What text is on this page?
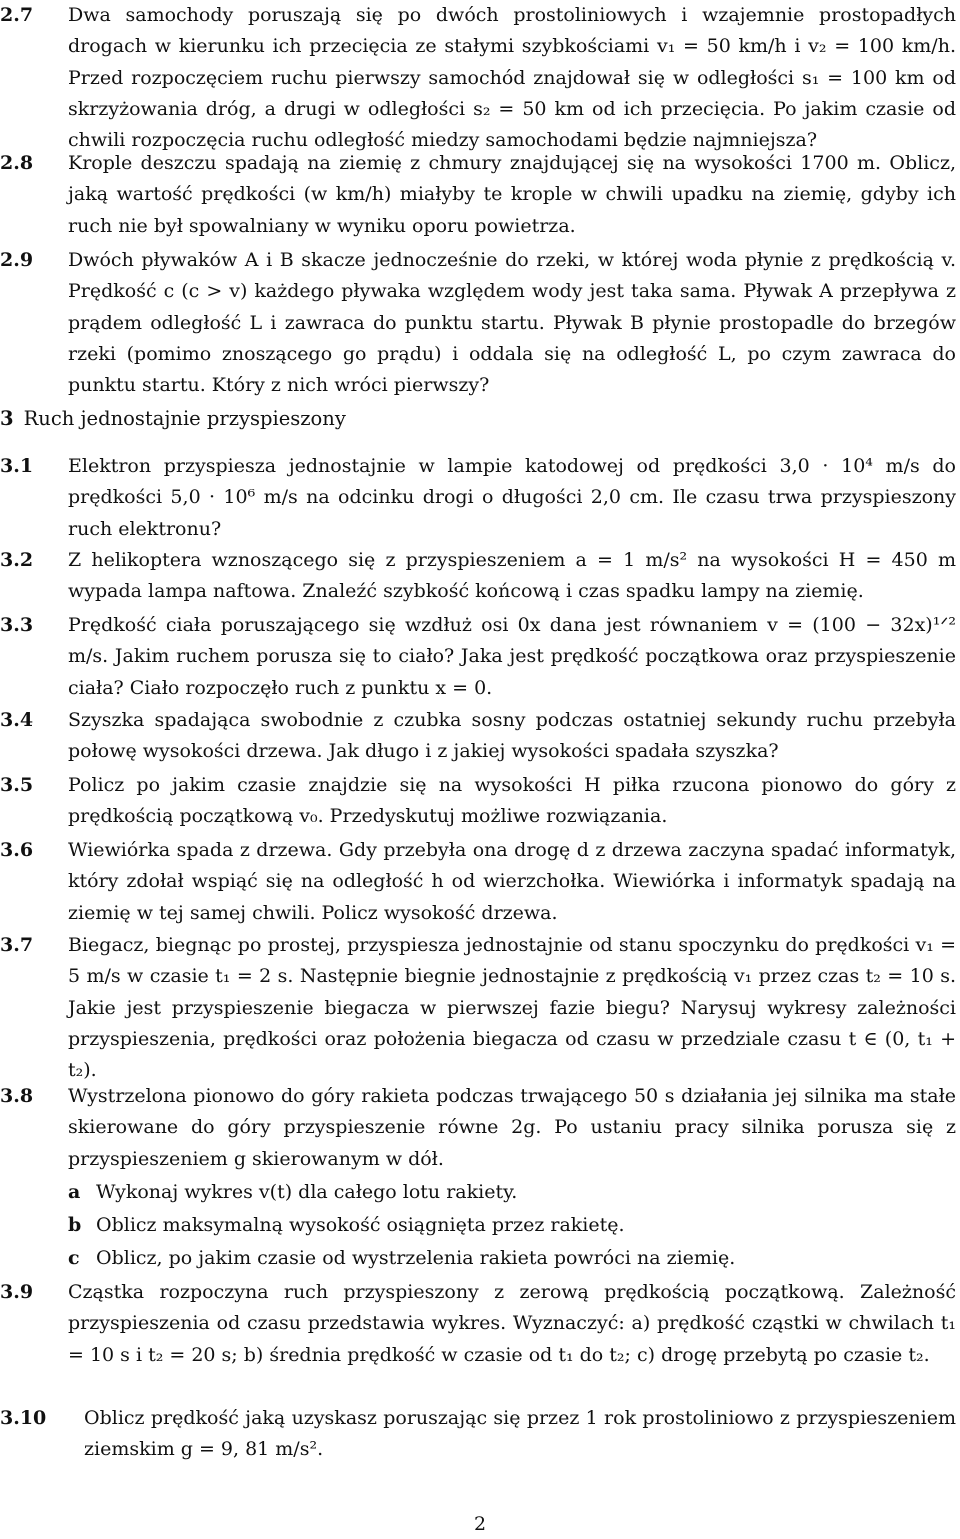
2.7 Dwa samochody poruszają się po dwóch prostoliniowych i wzajemnie prostopadłych drogach w kierunku ich przecięcia ze stałymi szybkościami v₁ = 50 km/h i v₂ = 100 km/h. Przed rozpoczęciem ruchu pierwszy samochód znajdował się w odległości s₁ = 100 km od skrzyżowania dróg, a drugi w odległości s₂ = 50 km od ich przecięcia. Po jakim czasie od chwili rozpoczęcia ruchu odległość miedzy samochodami będzie najmniejsza?
2.8 Krople deszczu spadają na ziemię z chmury znajdującej się na wysokości 1700 m. Oblicz, jaką wartość prędkości (w km/h) miałyby te krople w chwili upadku na ziemię, gdyby ich ruch nie był spowalniany w wyniku oporu powietrza.
2.9 Dwóch pływaków A i B skacze jednocześnie do rzeki, w której woda płynie z prędkością v. Prędkość c (c > v) każdego pływaka względem wody jest taka sama. Pływak A przepływa z prądem odległość L i zawraca do punktu startu. Pływak B płynie prostopadle do brzegów rzeki (pomimo znoszącego go prądu) i oddala się na odległość L, po czym zawraca do punktu startu. Który z nich wróci pierwszy?
3 Ruch jednostajnie przyspieszony
3.1 Elektron przyspiesza jednostajnie w lampie katodowej od prędkości 3,0 · 10⁴ m/s do prędkości 5,0 · 10⁶ m/s na odcinku drogi o długości 2,0 cm. Ile czasu trwa przyspieszony ruch elektronu?
3.2 Z helikoptera wznoszącego się z przyspieszeniem a = 1 m/s² na wysokości H = 450 m wypada lampa naftowa. Znaleźć szybkość końcową i czas spadku lampy na ziemię.
3.3 Prędkość ciała poruszającego się wzdłuż osi 0x dana jest równaniem v = (100 − 32x)¹ᐟ² m/s. Jakim ruchem porusza się to ciało? Jaka jest prędkość początkowa oraz przyspieszenie ciała? Ciało rozpoczęło ruch z punktu x = 0.
3.4 Szyszka spadająca swobodnie z czubka sosny podczas ostatniej sekundy ruchu przebyła połowę wysokości drzewa. Jak długo i z jakiej wysokości spadała szyszka?
3.5 Policz po jakim czasie znajdzie się na wysokości H piłka rzucona pionowo do góry z prędkością początkową v₀. Przedyskutuj możliwe rozwiązania.
3.6 Wiewiórka spada z drzewa. Gdy przebyła ona drogę d z drzewa zaczyna spadać informatyk, który zdołał wspiąć się na odległość h od wierzchołka. Wiewiórka i informatyk spadają na ziemię w tej samej chwili. Policz wysokość drzewa.
3.7 Biegacz, biegnąc po prostej, przyspiesza jednostajnie od stanu spoczynku do prędkości v₁ = 5 m/s w czasie t₁ = 2 s. Następnie biegnie jednostajnie z prędkością v₁ przez czas t₂ = 10 s. Jakie jest przyspieszenie biegacza w pierwszej fazie biegu? Narysuj wykresy zależności przyspieszenia, prędkości oraz położenia biegacza od czasu w przedziale czasu t ∈ (0, t₁ + t₂).
3.8 Wystrzelona pionowo do góry rakieta podczas trwającego 50 s działania jej silnika ma stałe skierowane do góry przyspieszenie równe 2g. Po ustaniu pracy silnika porusza się z przyspieszeniem g skierowanym w dół.
a Wykonaj wykres v(t) dla całego lotu rakiety.
b Oblicz maksymalną wysokość osiągnięta przez rakietę.
c Oblicz, po jakim czasie od wystrzelenia rakieta powróci na ziemię.
3.9 Cząstka rozpoczyna ruch przyspieszony z zerową prędkością początkową. Zależność przyspieszenia od czasu przedstawia wykres. Wyznaczyć: a) prędkość cząstki w chwilach t₁ = 10 s i t₂ = 20 s; b) średnia prędkość w czasie od t₁ do t₂; c) drogę przebytą po czasie t₂.
3.10 Oblicz prędkość jaką uzyskasz poruszając się przez 1 rok prostoliniowo z przyspieszeniem ziemskim g = 9, 81 m/s².
2
